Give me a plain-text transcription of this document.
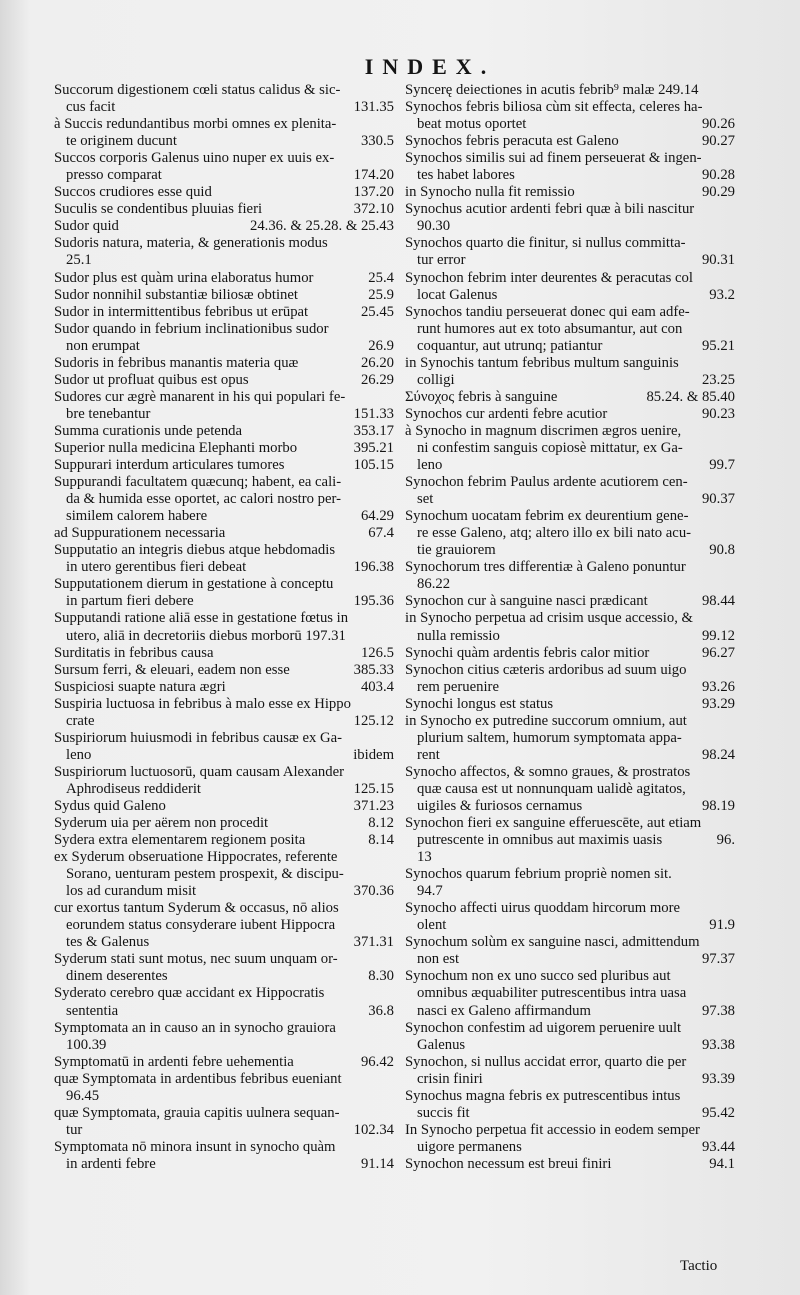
INDEX.
Succorum digestionem cœli status calidus & sic-
cus facit	131.35
à Succis redundantibus morbi omnes ex plenita-
te originem ducunt	330.5
Succos corporis Galenus uino nuper ex uuis ex-
presso comparat	174.20
Succos crudiores esse quid	137.20
Suculis se condentibus pluuias fieri	372.10
Sudor quid	24.36. & 25.28. & 25.43
Sudoris natura, materia, & generationis modus
25.1
Sudor plus est quàm urina elaboratus humor	25.4
Sudor nonnihil substantiæ biliosæ obtinet	25.9
Sudor in intermittentibus febribus ut erūpat	25.45
Sudor quando in febrium inclinationibus sudor
non erumpat	26.9
Sudoris in febribus manantis materia quæ	26.20
Sudor ut profluat quibus est opus	26.29
Sudores cur ægrè manarent in his qui populari fe-
bre tenebantur	151.33
Summa curationis unde petenda	353.17
Superior nulla medicina Elephanti morbo	395.21
Suppurari interdum articulares tumores	105.15
Suppurandi facultatem quæcunq; habent, ea cali-
da & humida esse oportet, ac calori nostro per-
similem calorem habere	64.29
ad Suppurationem necessaria	67.4
Supputatio an integris diebus atque hebdomadis
in utero gerentibus fieri debeat	196.38
Supputationem dierum in gestatione à conceptu
in partum fieri debere	195.36
Supputandi ratione aliā esse in gestatione fœtus in
utero, aliā in decretoriis diebus morborū 197.31
Surditatis in febribus causa	126.5
Sursum ferri, & eleuari, eadem non esse	385.33
Suspiciosi suapte natura ægri	403.4
Suspiria luctuosa in febribus à malo esse ex Hippo
crate	125.12
Suspiriorum huiusmodi in febribus causæ ex Ga-
leno	ibidem
Suspiriorum luctuosorū, quam causam Alexander
Aphrodiseus reddiderit	125.15
Sydus quid Galeno	371.23
Syderum uia per aërem non procedit	8.12
Sydera extra elementarem regionem posita	8.14
ex Syderum obseruatione Hippocrates, referente
Sorano, uenturam pestem prospexit, & discipu-
los ad curandum misit	370.36
cur exortus tantum Syderum & occasus, nō alios
eorundem status consyderare iubent Hippocra
tes & Galenus	371.31
Syderum stati sunt motus, nec suum unquam or-
dinem deserentes	8.30
Syderato cerebro quæ accidant ex Hippocratis
sententia	36.8
Symptomata an in causo an in synocho grauiora
100.39
Symptomatū in ardenti febre uehementia	96.42
quæ Symptomata in ardentibus febribus eueniant
96.45
quæ Symptomata, grauia capitis uulnera sequan-
tur	102.34
Symptomata nō minora insunt in synocho quàm
in ardenti febre	91.14
Syncerę deiectiones in acutis febrib⁹ malæ 249.14
Synochos febris biliosa cùm sit effecta, celeres ha-
beat motus oportet	90.26
Synochos febris peracuta est Galeno	90.27
Synochos similis sui ad finem perseuerat & ingen-
tes habet labores	90.28
in Synocho nulla fit remissio	90.29
Synochus acutior ardenti febri quæ à bili nascitur
90.30
Synochos quarto die finitur, si nullus committa-
tur error	90.31
Synochon febrim inter deurentes & peracutas col
locat Galenus	93.2
Synochos tandiu perseuerat donec qui eam adfe-
runt humores aut ex toto absumantur, aut con
coquantur, aut utrunq; patiantur	95.21
in Synochis tantum febribus multum sanguinis
colligi	23.25
Σύνοχος febris à sanguine	85.24. & 85.40
Synochos cur ardenti febre acutior	90.23
à Synocho in magnum discrimen ægros uenire,
ni confestim sanguis copiosè mittatur, ex Ga-
leno	99.7
Synochon febrim Paulus ardente acutiorem cen-
set	90.37
Synochum uocatam febrim ex deurentium gene-
re esse Galeno, atq; altero illo ex bili nato acu-
tie grauiorem	90.8
Synochorum tres differentiæ à Galeno ponuntur
86.22
Synochon cur à sanguine nasci prædicant	98.44
in Synocho perpetua ad crisim usque accessio, &
nulla remissio	99.12
Synochi quàm ardentis febris calor mitior	96.27
Synochon citius cæteris ardoribus ad suum uigo
rem peruenire	93.26
Synochi longus est status	93.29
in Synocho ex putredine succorum omnium, aut
plurium saltem, humorum symptomata appa-
rent	98.24
Synocho affectos, & somno graues, & prostratos
quæ causa est ut nonnunquam ualidè agitatos,
uigiles & furiosos cernamus	98.19
Synochon fieri ex sanguine efferuescēte, aut etiam
putrescente in omnibus aut maximis uasis	96.
13
Synochos quarum febrium propriè nomen sit.
94.7
Synocho affecti uirus quoddam hircorum more
olent	91.9
Synochum solùm ex sanguine nasci, admittendum
non est	97.37
Synochum non ex uno succo sed pluribus aut
omnibus æquabiliter putrescentibus intra uasa
nasci ex Galeno affirmandum	97.38
Synochon confestim ad uigorem peruenire uult
Galenus	93.38
Synochon, si nullus accidat error, quarto die per
crisin finiri	93.39
Synochus magna febris ex putrescentibus intus
succis fit	95.42
In Synocho perpetua fit accessio in eodem semper
uigore permanens	93.44
Synochon necessum est breui finiri	94.1
Tactio
